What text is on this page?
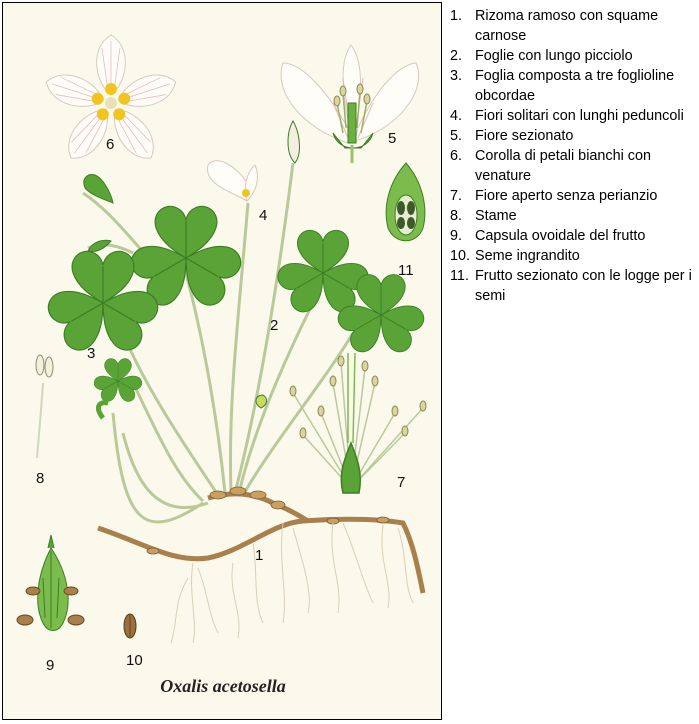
1
2
3
4
5
6
7
8
9	10
11
Oxalis acetosella
1. Rizoma ramoso con squame carnose
2. Foglie con lungo picciolo
3. Foglia composta a tre foglioline obcordae
4. Fiori solitari con lunghi peduncoli
5. Fiore sezionato
6. Corolla di petali bianchi con venature
7. Fiore aperto senza perianzio
8. Stame
9. Capsula ovoidale del frutto
10. Seme ingrandito
11. Frutto sezionato con le logge per i semi
